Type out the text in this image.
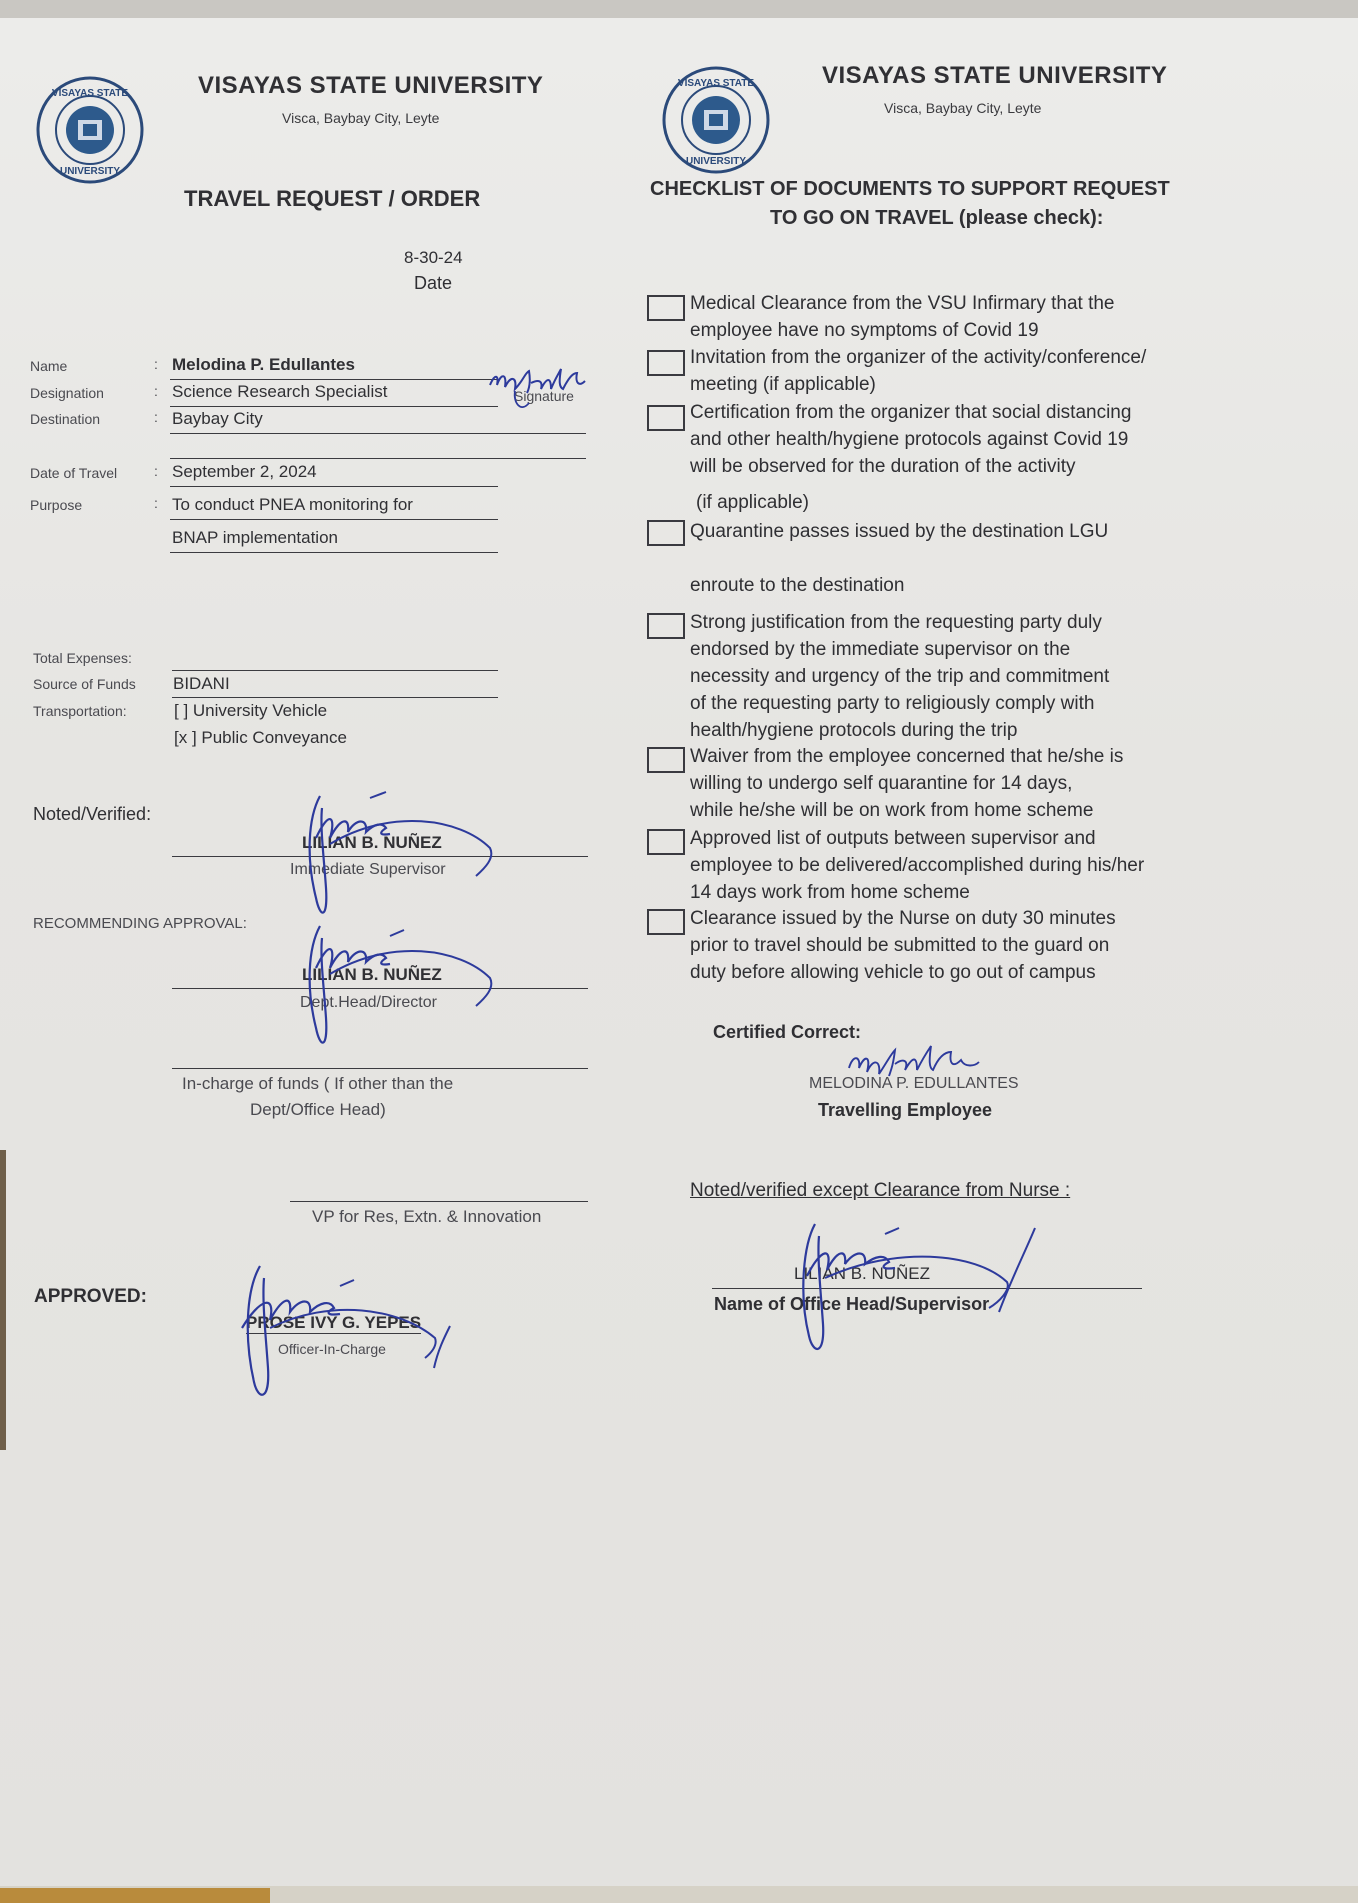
VISAYAS STATE
UNIVERSITY
VISAYAS STATE UNIVERSITY
Visca, Baybay City, Leyte
TRAVEL REQUEST / ORDER
8-30-24
Date
Name	: Melodina P. Edullantes
Signature
Designation	: Science Research Specialist
Destination	: Baybay City
Date of Travel	: September 2, 2024
Purpose	: To conduct PNEA monitoring for
BNAP implementation
Total Expenses:
Source of Funds BIDANI
Transportation:	[ ] University Vehicle
[x ] Public Conveyance
Noted/Verified:
LILIAN B. NUÑEZ
Immediate Supervisor
RECOMMENDING APPROVAL:
LILIAN B. NUÑEZ
Dept.Head/Director
In-charge of funds ( If other than the
Dept/Office Head)
VP for Res, Extn. & Innovation
APPROVED:
PROSE IVY G. YEPES
Officer-In-Charge
VISAYAS STATE
UNIVERSITY
VISAYAS STATE UNIVERSITY
Visca, Baybay City, Leyte
CHECKLIST OF DOCUMENTS TO SUPPORT REQUEST
TO GO ON TRAVEL (please check):
Medical Clearance from the VSU Infirmary that the
employee have no symptoms of Covid 19
Invitation from the organizer of the activity/conference/
meeting (if applicable)
Certification from the organizer that social distancing
and other health/hygiene protocols against Covid 19
will be observed for the duration of the activity
(if applicable)
Quarantine passes issued by the destination LGU
enroute to the destination
Strong justification from the requesting party duly
endorsed by the immediate supervisor on the
necessity and urgency of the trip and commitment
of the requesting party to religiously comply with
health/hygiene protocols during the trip
Waiver from the employee concerned that he/she is
willing to undergo self quarantine for 14 days,
while he/she will be on work from home scheme
Approved list of outputs between supervisor and
employee to be delivered/accomplished during his/her
14 days work from home scheme
Clearance issued by the Nurse on duty 30 minutes
prior to travel should be submitted to the guard on
duty before allowing vehicle to go out of campus
Certified Correct:
MELODINA P. EDULLANTES
Travelling Employee
Noted/verified except Clearance from Nurse :
LILIAN B. NUÑEZ
Name of Office Head/Supervisor
